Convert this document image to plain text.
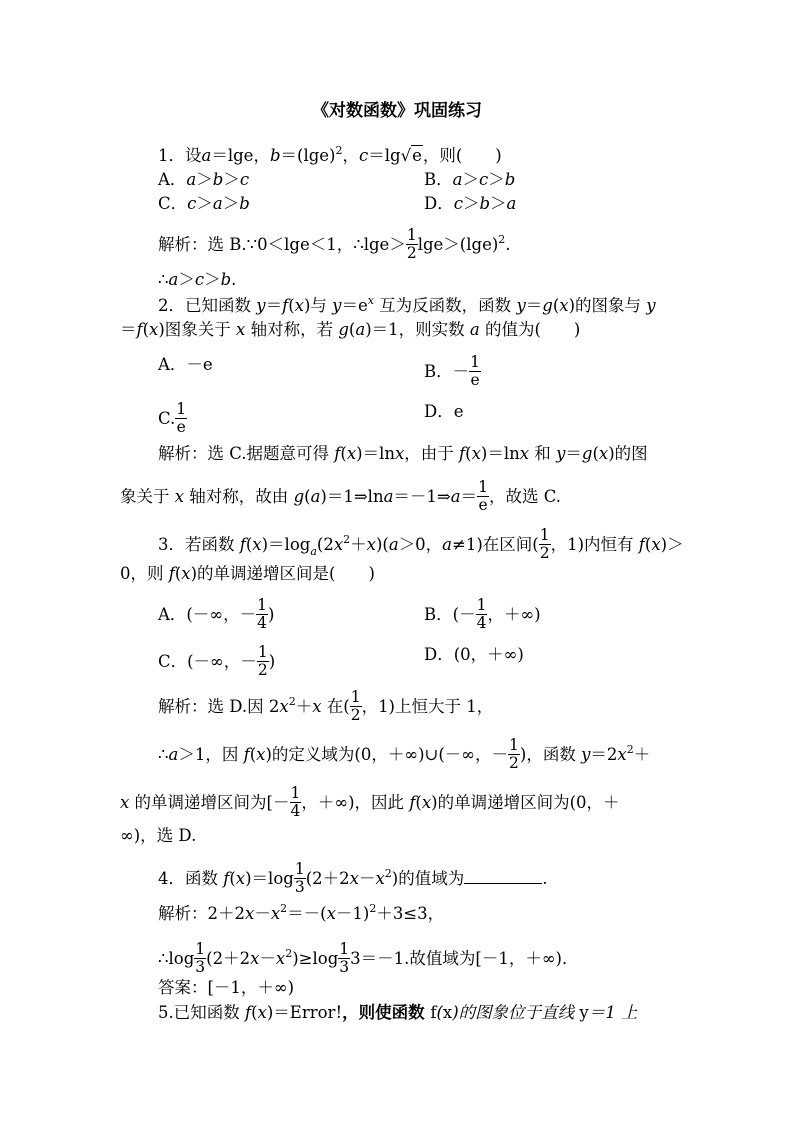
《对数函数》巩固练习
1．设a＝lge，$b=(\lg e)^2$，c＝lg√e，则(　　)
A．a＞b＞c	B．a＞c＞b
C．c＞a＞b	D．c＞b＞a
解析：选 B.∵0＜lge＜1，∴lge＞ $\frac{1}{2} \lg e>(\lg e)^2$.
∴a＞c＞b.
2．已知函数 y＝f(x)与 $y=e^x$ 互为反函数，函数 y＝g(x)的图象与 y
＝f(x)图象关于 x 轴对称，若 g(a)＝1，则实数 a 的值为(　　)
A．－e	B．－ $\frac{1}{e}$
C. $\frac{1}{e}$	D．e
解析：选 C.据题意可得 f(x)＝lnx，由于 f(x)＝lnx 和 y＝g(x)的图
象关于 x 轴对称，故由 g(a)＝1⇒lna＝－1⇒a＝ $\frac{1}{e}$ ，故选 C.
3．若函数 $f(x)=\log_a(2x^2+x)(a>0$，a≠1)在区间( $\frac{1}{2}$ ，1)内恒有 f(x)＞
0，则 f(x)的单调递增区间是(　　)
A．(－∞，－ $\frac{1}{4}$ )	B．(－ $\frac{1}{4}$ ，＋∞)
C．(－∞，－ $\frac{1}{2}$ )	D．(0，＋∞)
解析：选 D.因 $2x^2+x$ 在( $\frac{1}{2}$ ，1)上恒大于 1，
∴a＞1，因 f(x)的定义域为(0，＋∞)∪(－∞，－ $\frac{1}{2}$ )，函数 $y=2x^2+$
x 的单调递增区间为[－ $\frac{1}{4}$ ，＋∞)，因此 f(x)的单调递增区间为(0，＋
∞)，选 D.
4．函数 $f(x)=\log \frac{1}{3} (2+2x-x^2)$的值域为	.
解析：$2+2x-x^2=-(x-1)^2+3\le 3$，
∴log $\frac{1}{3} (2+2x-x^2)\ge\log \frac{1}{3} 3=-1$.故值域为[－1，＋∞)．
答案：[－1，＋∞)
5.已知函数 f(x)＝Error!，则使函数 f(x)的图象位于直线 y＝1 上
